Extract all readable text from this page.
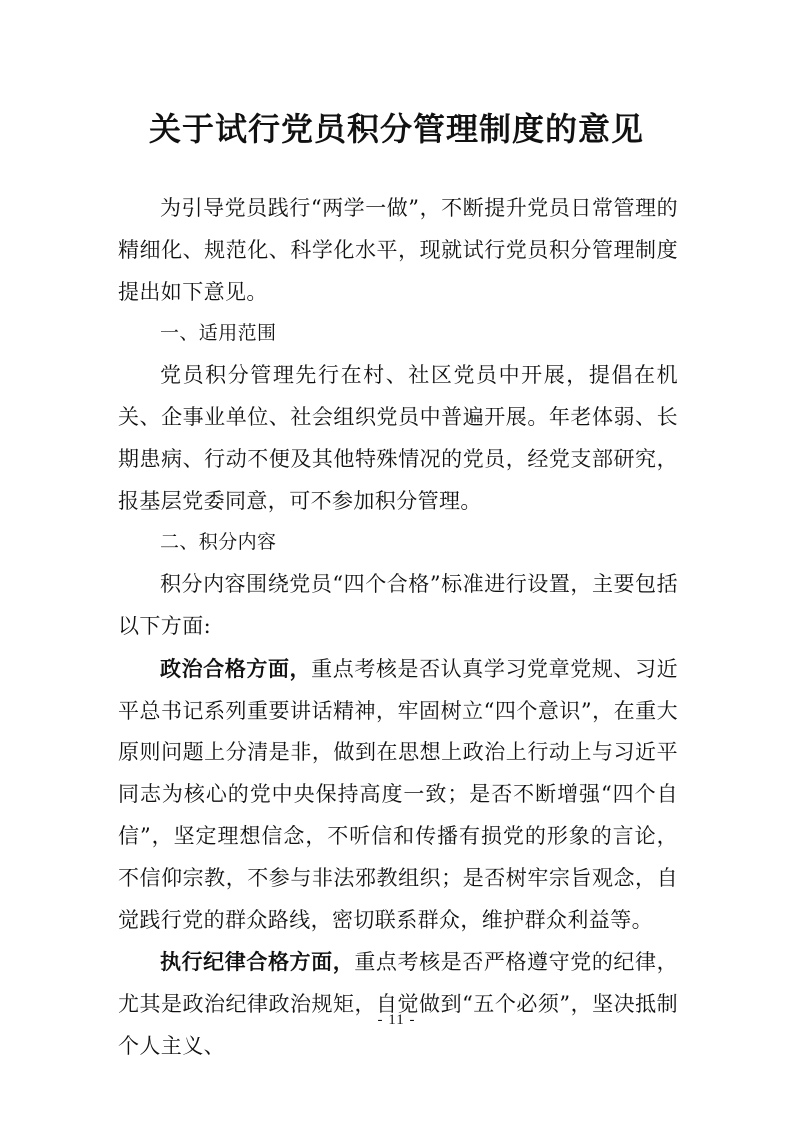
关于试行党员积分管理制度的意见

为引导党员践行“两学一做”，不断提升党员日常管理的精细化、规范化、科学化水平，现就试行党员积分管理制度提出如下意见。

一、适用范围

党员积分管理先行在村、社区党员中开展，提倡在机关、企事业单位、社会组织党员中普遍开展。年老体弱、长期患病、行动不便及其他特殊情况的党员，经党支部研究，报基层党委同意，可不参加积分管理。

二、积分内容

积分内容围绕党员“四个合格”标准进行设置，主要包括以下方面:

政治合格方面，重点考核是否认真学习党章党规、习近平总书记系列重要讲话精神，牢固树立“四个意识”，在重大原则问题上分清是非，做到在思想上政治上行动上与习近平同志为核心的党中央保持高度一致；是否不断增强“四个自信”，坚定理想信念，不听信和传播有损党的形象的言论，不信仰宗教，不参与非法邪教组织；是否树牢宗旨观念，自觉践行党的群众路线，密切联系群众，维护群众利益等。

执行纪律合格方面，重点考核是否严格遵守党的纪律，尤其是政治纪律政治规矩，自觉做到“五个必须”，坚决抵制个人主义、

- 11 -
